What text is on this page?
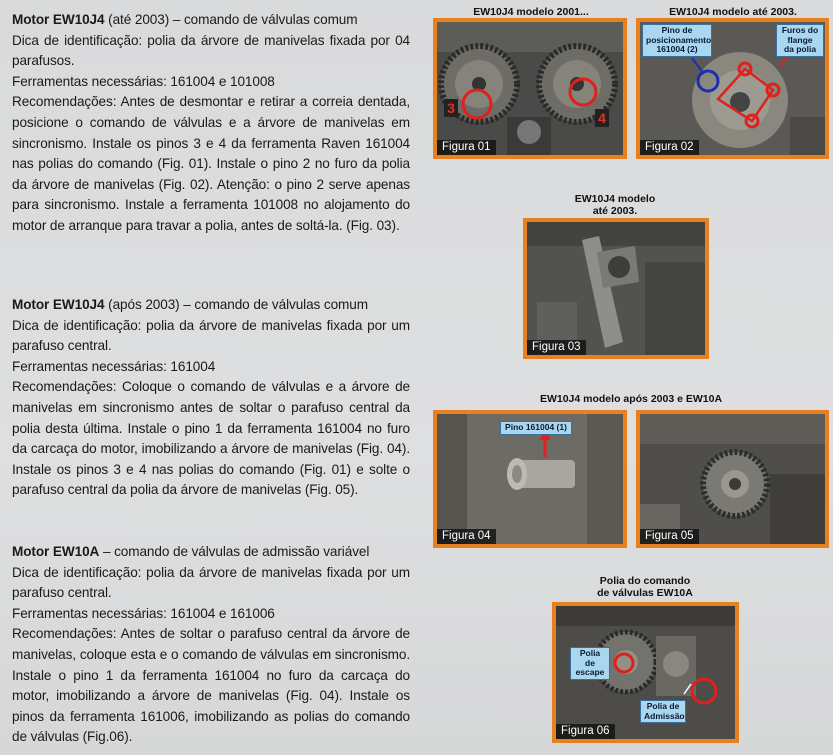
Motor EW10J4 (até 2003) – comando de válvulas comum

Dica de identificação: polia da árvore de manivelas fixada por 04 parafusos.

Ferramentas necessárias: 161004 e 101008

Recomendações: Antes de desmontar e retirar a correia dentada, posicione o comando de válvulas e a árvore de manivelas em sincronismo. Instale os pinos 3 e 4 da ferramenta Raven 161004 nas polias do comando (Fig. 01). Instale o pino 2 no furo da polia da árvore de manivelas (Fig. 02). Atenção: o pino 2 serve apenas para sincronismo. Instale a ferramenta 101008 no alojamento do motor de arranque para travar a polia, antes de soltá-la. (Fig. 03).

Motor EW10J4 (após 2003) – comando de válvulas comum

Dica de identificação: polia da árvore de manivelas fixada por um parafuso central.

Ferramentas necessárias: 161004

Recomendações: Coloque o comando de válvulas e a árvore de manivelas em sincronismo antes de soltar o parafuso central da polia desta última. Instale o pino 1 da ferramenta 161004 no furo da carcaça do motor, imobilizando a árvore de manivelas (Fig. 04). Instale os pinos 3 e 4 nas polias do comando (Fig. 01) e solte o parafuso central da polia da árvore de manivelas (Fig. 05).

Motor EW10A – comando de válvulas de admissão variável

Dica de identificação: polia da árvore de manivelas fixada por um parafuso central.

Ferramentas necessárias: 161004 e 161006

Recomendações: Antes de soltar o parafuso central da árvore de manivelas, coloque esta e o comando de válvulas em sincronismo. Instale o pino 1 da ferramenta 161004 no furo da carcaça do motor, imobilizando a árvore de manivelas (Fig. 04). Instale os pinos da ferramenta 161006, imobilizando as polias do comando de válvulas (Fig.06).

EW10J4 modelo 2001...	EW10J4 modelo até 2003.
EW10J4 modelo
até 2003.
EW10J4 modelo após 2003 e EW10A
Polia do comando
de válvulas EW10A
3
4
Figura 01
Pino de
posicionamento
161004 (2)
Furos do
flange
da polia
Figura 02
Figura 03
Pino 161004 (1)
Figura 04	Figura 05
Polia de
escape
Polia de
Admissão
Figura 06
